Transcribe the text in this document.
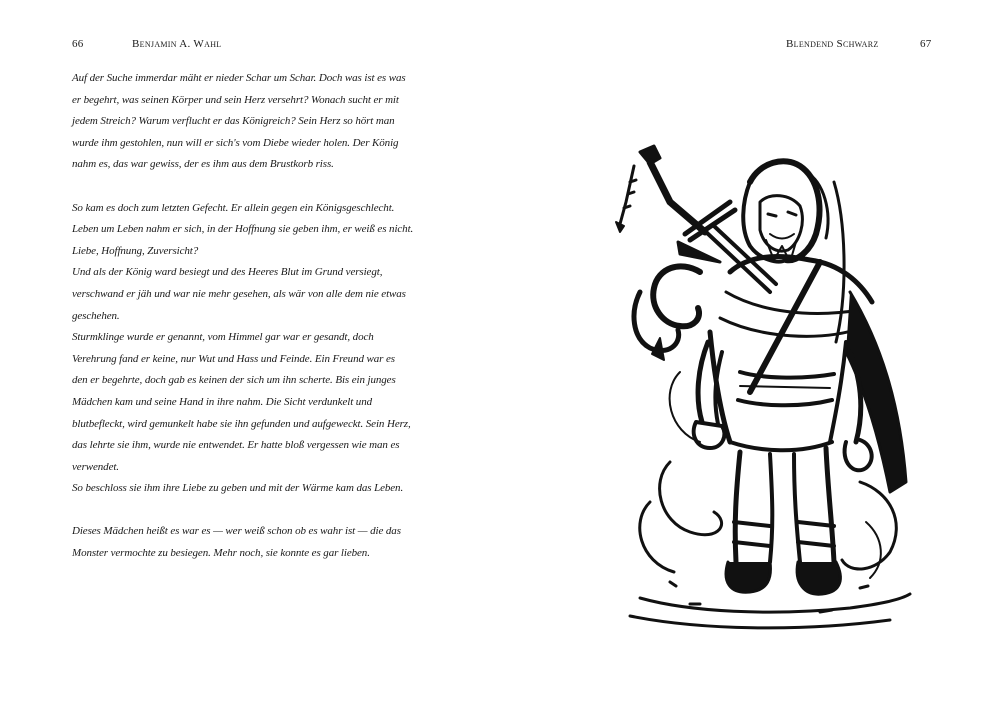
66	Benjamin A. Wahl

Auf der Suche immerdar mäht er nieder Schar um Schar. Doch was ist es was
er begehrt, was seinen Körper und sein Herz versehrt? Wonach sucht er mit
jedem Streich? Warum verflucht er das Königreich? Sein Herz so hört man
wurde ihm gestohlen, nun will er sich's vom Diebe wieder holen. Der König
nahm es, das war gewiss, der es ihm aus dem Brustkorb riss.

So kam es doch zum letzten Gefecht. Er allein gegen ein Königsgeschlecht.
Leben um Leben nahm er sich, in der Hoffnung sie geben ihm, er weiß es nicht.
Liebe, Hoffnung, Zuversicht?
Und als der König ward besiegt und des Heeres Blut im Grund versiegt,
verschwand er jäh und war nie mehr gesehen, als wär von alle dem nie etwas
geschehen.
Sturmklinge wurde er genannt, vom Himmel gar war er gesandt, doch
Verehrung fand er keine, nur Wut und Hass und Feinde. Ein Freund war es
den er begehrte, doch gab es keinen der sich um ihn scherte. Bis ein junges
Mädchen kam und seine Hand in ihre nahm. Die Sicht verdunkelt und
blutbefleckt, wird gemunkelt habe sie ihn gefunden und aufgeweckt. Sein Herz,
das lehrte sie ihm, wurde nie entwendet. Er hatte bloß vergessen wie man es
verwendet.
So beschloss sie ihm ihre Liebe zu geben und mit der Wärme kam das Leben.

Dieses Mädchen heißt es war es — wer weiß schon ob es wahr ist — die das
Monster vermochte zu besiegen. Mehr noch, sie konnte es gar lieben.

Blendend Schwarz	67
